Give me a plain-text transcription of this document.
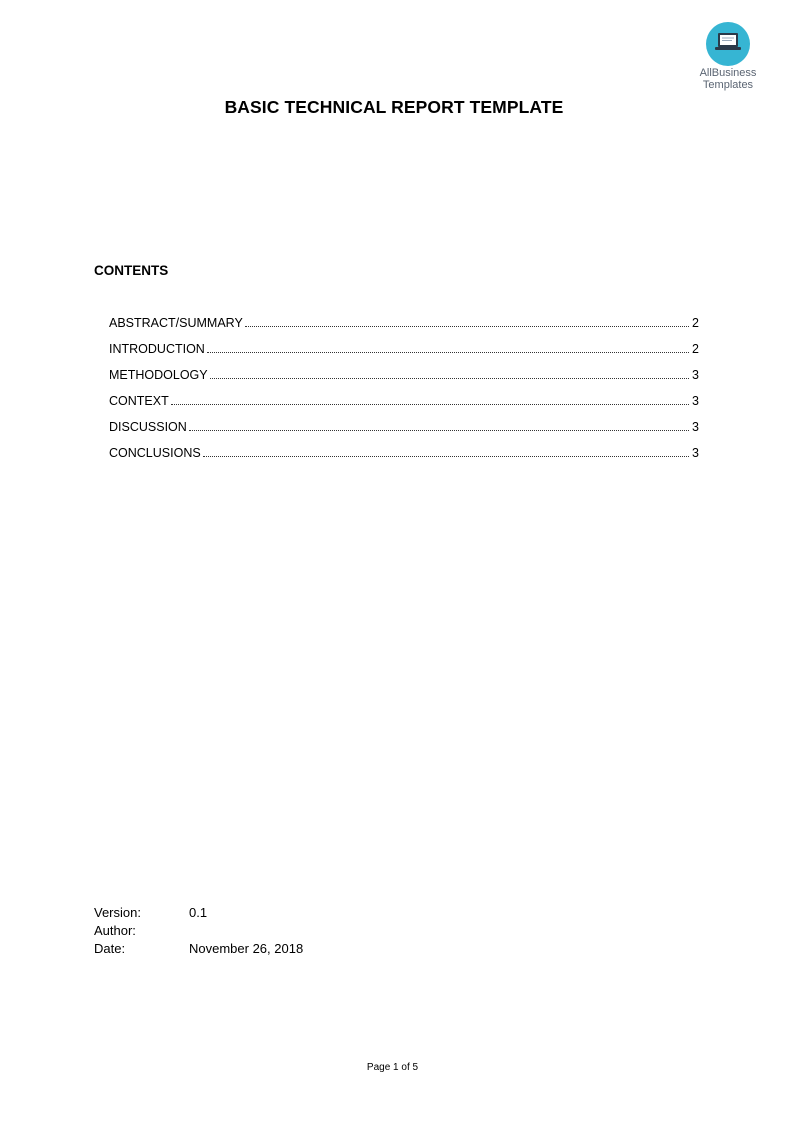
AllBusiness
Templates
BASIC TECHNICAL REPORT TEMPLATE
CONTENTS
ABSTRACT/SUMMARY	2
INTRODUCTION	2
METHODOLOGY	3
CONTEXT	3
DISCUSSION	3
CONCLUSIONS	3
Version:	0.1
Author:
Date:	November 26, 2018
Page 1 of 5
